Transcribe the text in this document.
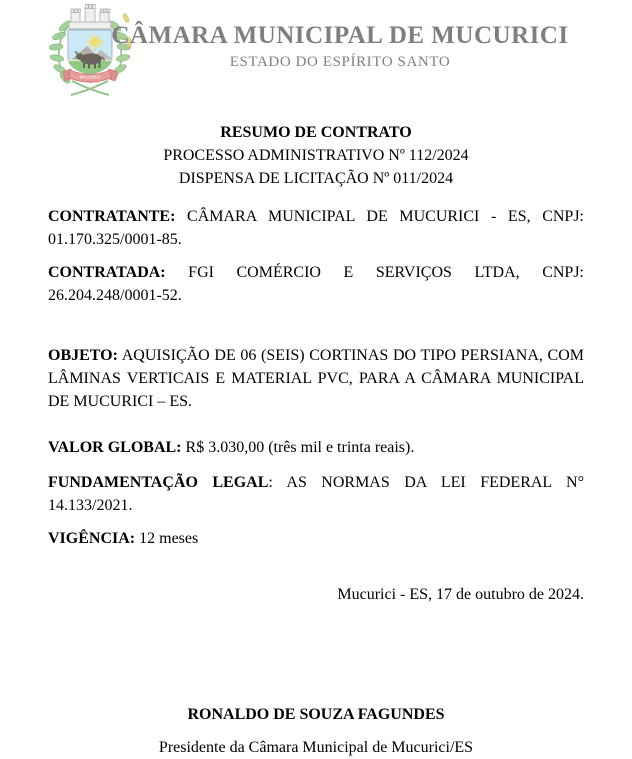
MUCURICI
CÂMARA MUNICIPAL DE MUCURICI
ESTADO DO ESPÍRITO SANTO
RESUMO DE CONTRATO
PROCESSO ADMINISTRATIVO Nº 112/2024
DISPENSA DE LICITAÇÃO Nº 011/2024

CONTRATANTE: CÂMARA MUNICIPAL DE MUCURICI - ES, CNPJ: 01.170.325/0001-85.

CONTRATADA: FGI COMÉRCIO E SERVIÇOS LTDA, CNPJ: 26.204.248/0001-52.

OBJETO: AQUISIÇÃO DE 06 (SEIS) CORTINAS DO TIPO PERSIANA, COM LÂMINAS VERTICAIS E MATERIAL PVC, PARA A CÂMARA MUNICIPAL DE MUCURICI – ES.

VALOR GLOBAL: R$ 3.030,00 (três mil e trinta reais).

FUNDAMENTAÇÃO LEGAL: AS NORMAS DA LEI FEDERAL N° 14.133/2021.

VIGÊNCIA: 12 meses

Mucurici - ES, 17 de outubro de 2024.
RONALDO DE SOUZA FAGUNDES
Presidente da Câmara Municipal de Mucurici/ES
